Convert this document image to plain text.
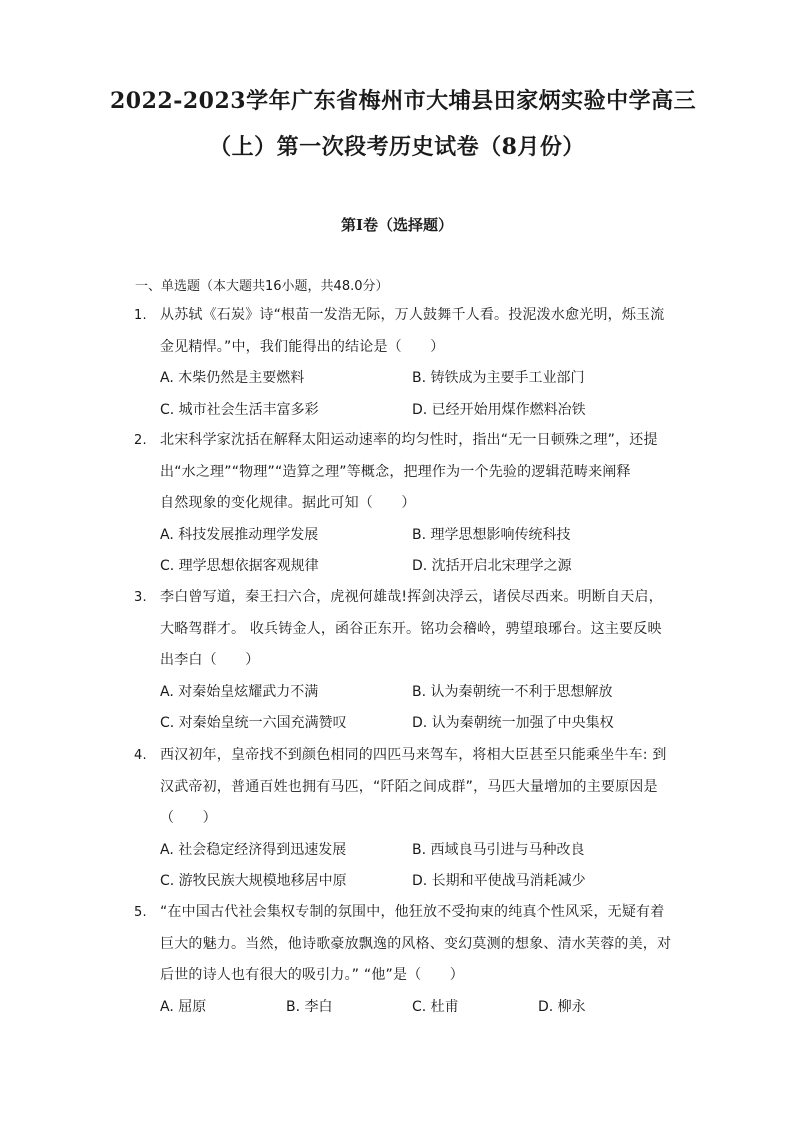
2022-2023学年广东省梅州市大埔县田家炳实验中学高三
（上）第一次段考历史试卷（8月份）
第I卷（选择题）
一、单选题（本大题共16小题，共48.0分）
1. 从苏轼《石炭》诗“根苗一发浩无际，万人鼓舞千人看。投泥泼水愈光明，烁玉流
金见精悍。”中，我们能得出的结论是（　　）
A. 木柴仍然是主要燃料	B. 铸铁成为主要手工业部门
C. 城市社会生活丰富多彩	D. 已经开始用煤作燃料冶铁
2. 北宋科学家沈括在解释太阳运动速率的均匀性时，指出“无一日顿殊之理”，还提
出“水之理”“物理”“造算之理”等概念，把理作为一个先验的逻辑范畴来阐释
自然现象的变化规律。据此可知（　　）
A. 科技发展推动理学发展	B. 理学思想影响传统科技
C. 理学思想依据客观规律	D. 沈括开启北宋理学之源
3. 李白曾写道，秦王扫六合，虎视何雄哉!挥剑决浮云，诸侯尽西来。明断自天启，
大略驾群才。 收兵铸金人，函谷正东开。铭功会稽岭，骋望琅琊台。这主要反映
出李白（　　）
A. 对秦始皇炫耀武力不满	B. 认为秦朝统一不利于思想解放
C. 对秦始皇统一六国充满赞叹	D. 认为秦朝统一加强了中央集权
4. 西汉初年，皇帝找不到颜色相同的四匹马来驾车，将相大臣甚至只能乘坐牛车: 到
汉武帝初，普通百姓也拥有马匹，“阡陌之间成群”，马匹大量增加的主要原因是
（　　）
A. 社会稳定经济得到迅速发展	B. 西域良马引进与马种改良
C. 游牧民族大规模地移居中原	D. 长期和平使战马消耗减少
5. “在中国古代社会集权专制的氛围中，他狂放不受拘束的纯真个性风采，无疑有着
巨大的魅力。当然，他诗歌豪放飘逸的风格、变幻莫测的想象、清水芙蓉的美，对
后世的诗人也有很大的吸引力。” “他”是（　　）
A. 屈原	B. 李白	C. 杜甫	D. 柳永
